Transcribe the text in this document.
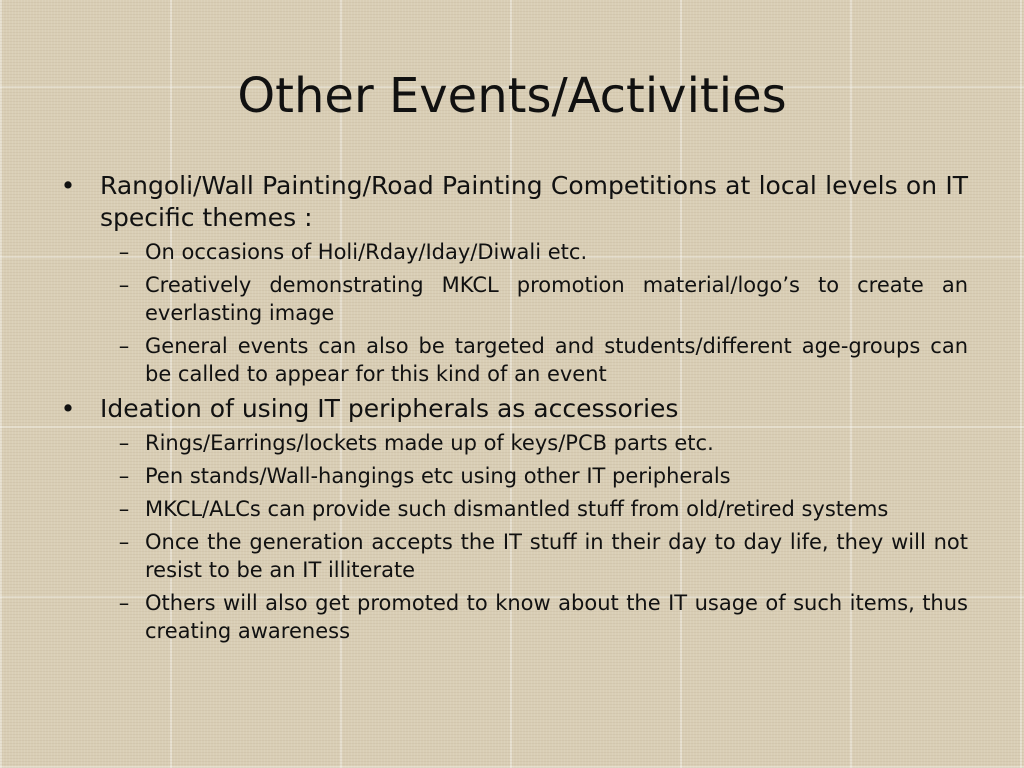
Other Events/Activities
• Rangoli/Wall Painting/Road Painting Competitions at local levels on IT specific themes :
– On occasions of Holi/Rday/Iday/Diwali etc.
– Creatively demonstrating MKCL promotion material/logo’s to create an everlasting image
– General events can also be targeted and students/different age-groups can be called to appear for this kind of an event
• Ideation of using IT peripherals as accessories
– Rings/Earrings/lockets made up of keys/PCB parts etc.
– Pen stands/Wall-hangings etc using other IT peripherals
– MKCL/ALCs can provide such dismantled stuff from old/retired systems
– Once the generation accepts the IT stuff in their day to day life, they will not resist to be an IT illiterate
– Others will also get promoted to know about the IT usage of such items, thus creating awareness
